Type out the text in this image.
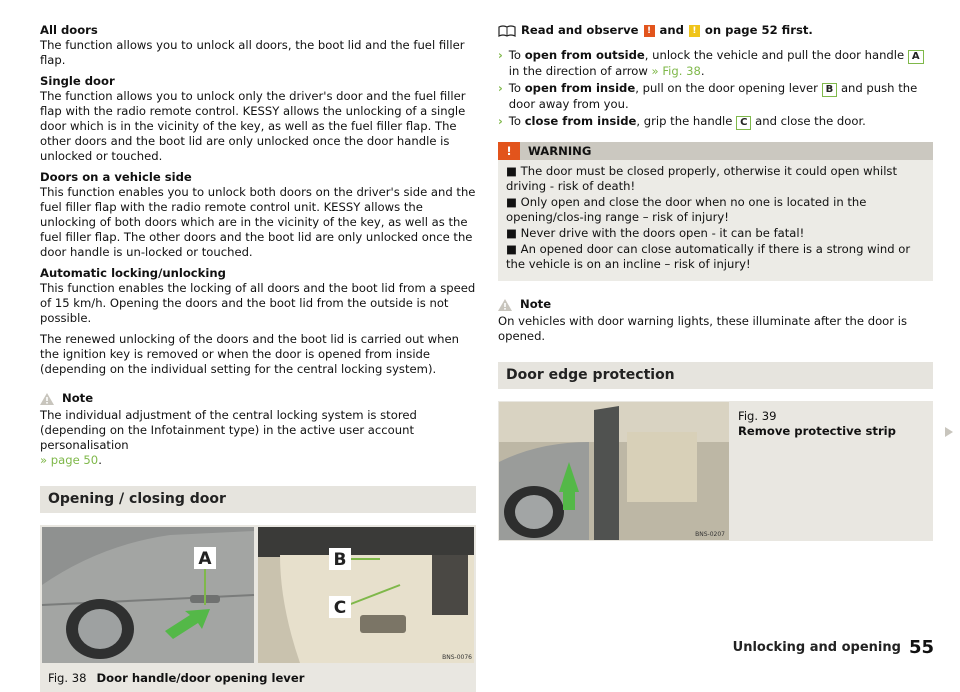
All doors
The function allows you to unlock all doors, the boot lid and the fuel filler flap.

Single door
The function allows you to unlock only the driver's door and the fuel filler flap with the radio remote control. KESSY allows the unlocking of a single door which is in the vicinity of the key, as well as the fuel filler flap. The other doors and the boot lid are only unlocked once the door handle is unlocked or touched.

Doors on a vehicle side
This function enables you to unlock both doors on the driver's side and the fuel filler flap with the radio remote control unit. KESSY allows the unlocking of both doors which are in the vicinity of the key, as well as the fuel filler flap. The other doors and the boot lid are only unlocked once the door handle is un-locked or touched.

Automatic locking/unlocking
This function enables the locking of all doors and the boot lid from a speed of 15 km/h. Opening the doors and the boot lid from the outside is not possible.

The renewed unlocking of the doors and the boot lid is carried out when the ignition key is removed or when the door is opened from inside (depending on the individual setting for the central locking system).

Note

The individual adjustment of the central locking system is stored (depending on the Infotainment type) in the active user account personalisation
» page 50.

Opening / closing door
A	B
C
BNS-0076
Fig. 38 Door handle/door opening lever

Read and observe ! and ! on page 52 first.

› To open from outside, unlock the vehicle and pull the door handle A in the direction of arrow » Fig. 38.
› To open from inside, pull on the door opening lever B and push the door away from you.
› To close from inside, grip the handle C and close the door.
!	WARNING
■ The door must be closed properly, otherwise it could open whilst driving - risk of death!
■ Only open and close the door when no one is located in the opening/clos-ing range – risk of injury!
■ Never drive with the doors open - it can be fatal!
■ An opened door can close automatically if there is a strong wind or the vehicle is on an incline – risk of injury!
Note

On vehicles with door warning lights, these illuminate after the door is opened.

Door edge protection
BNS-0207
Fig. 39
Remove protective strip
Unlocking and opening 55
